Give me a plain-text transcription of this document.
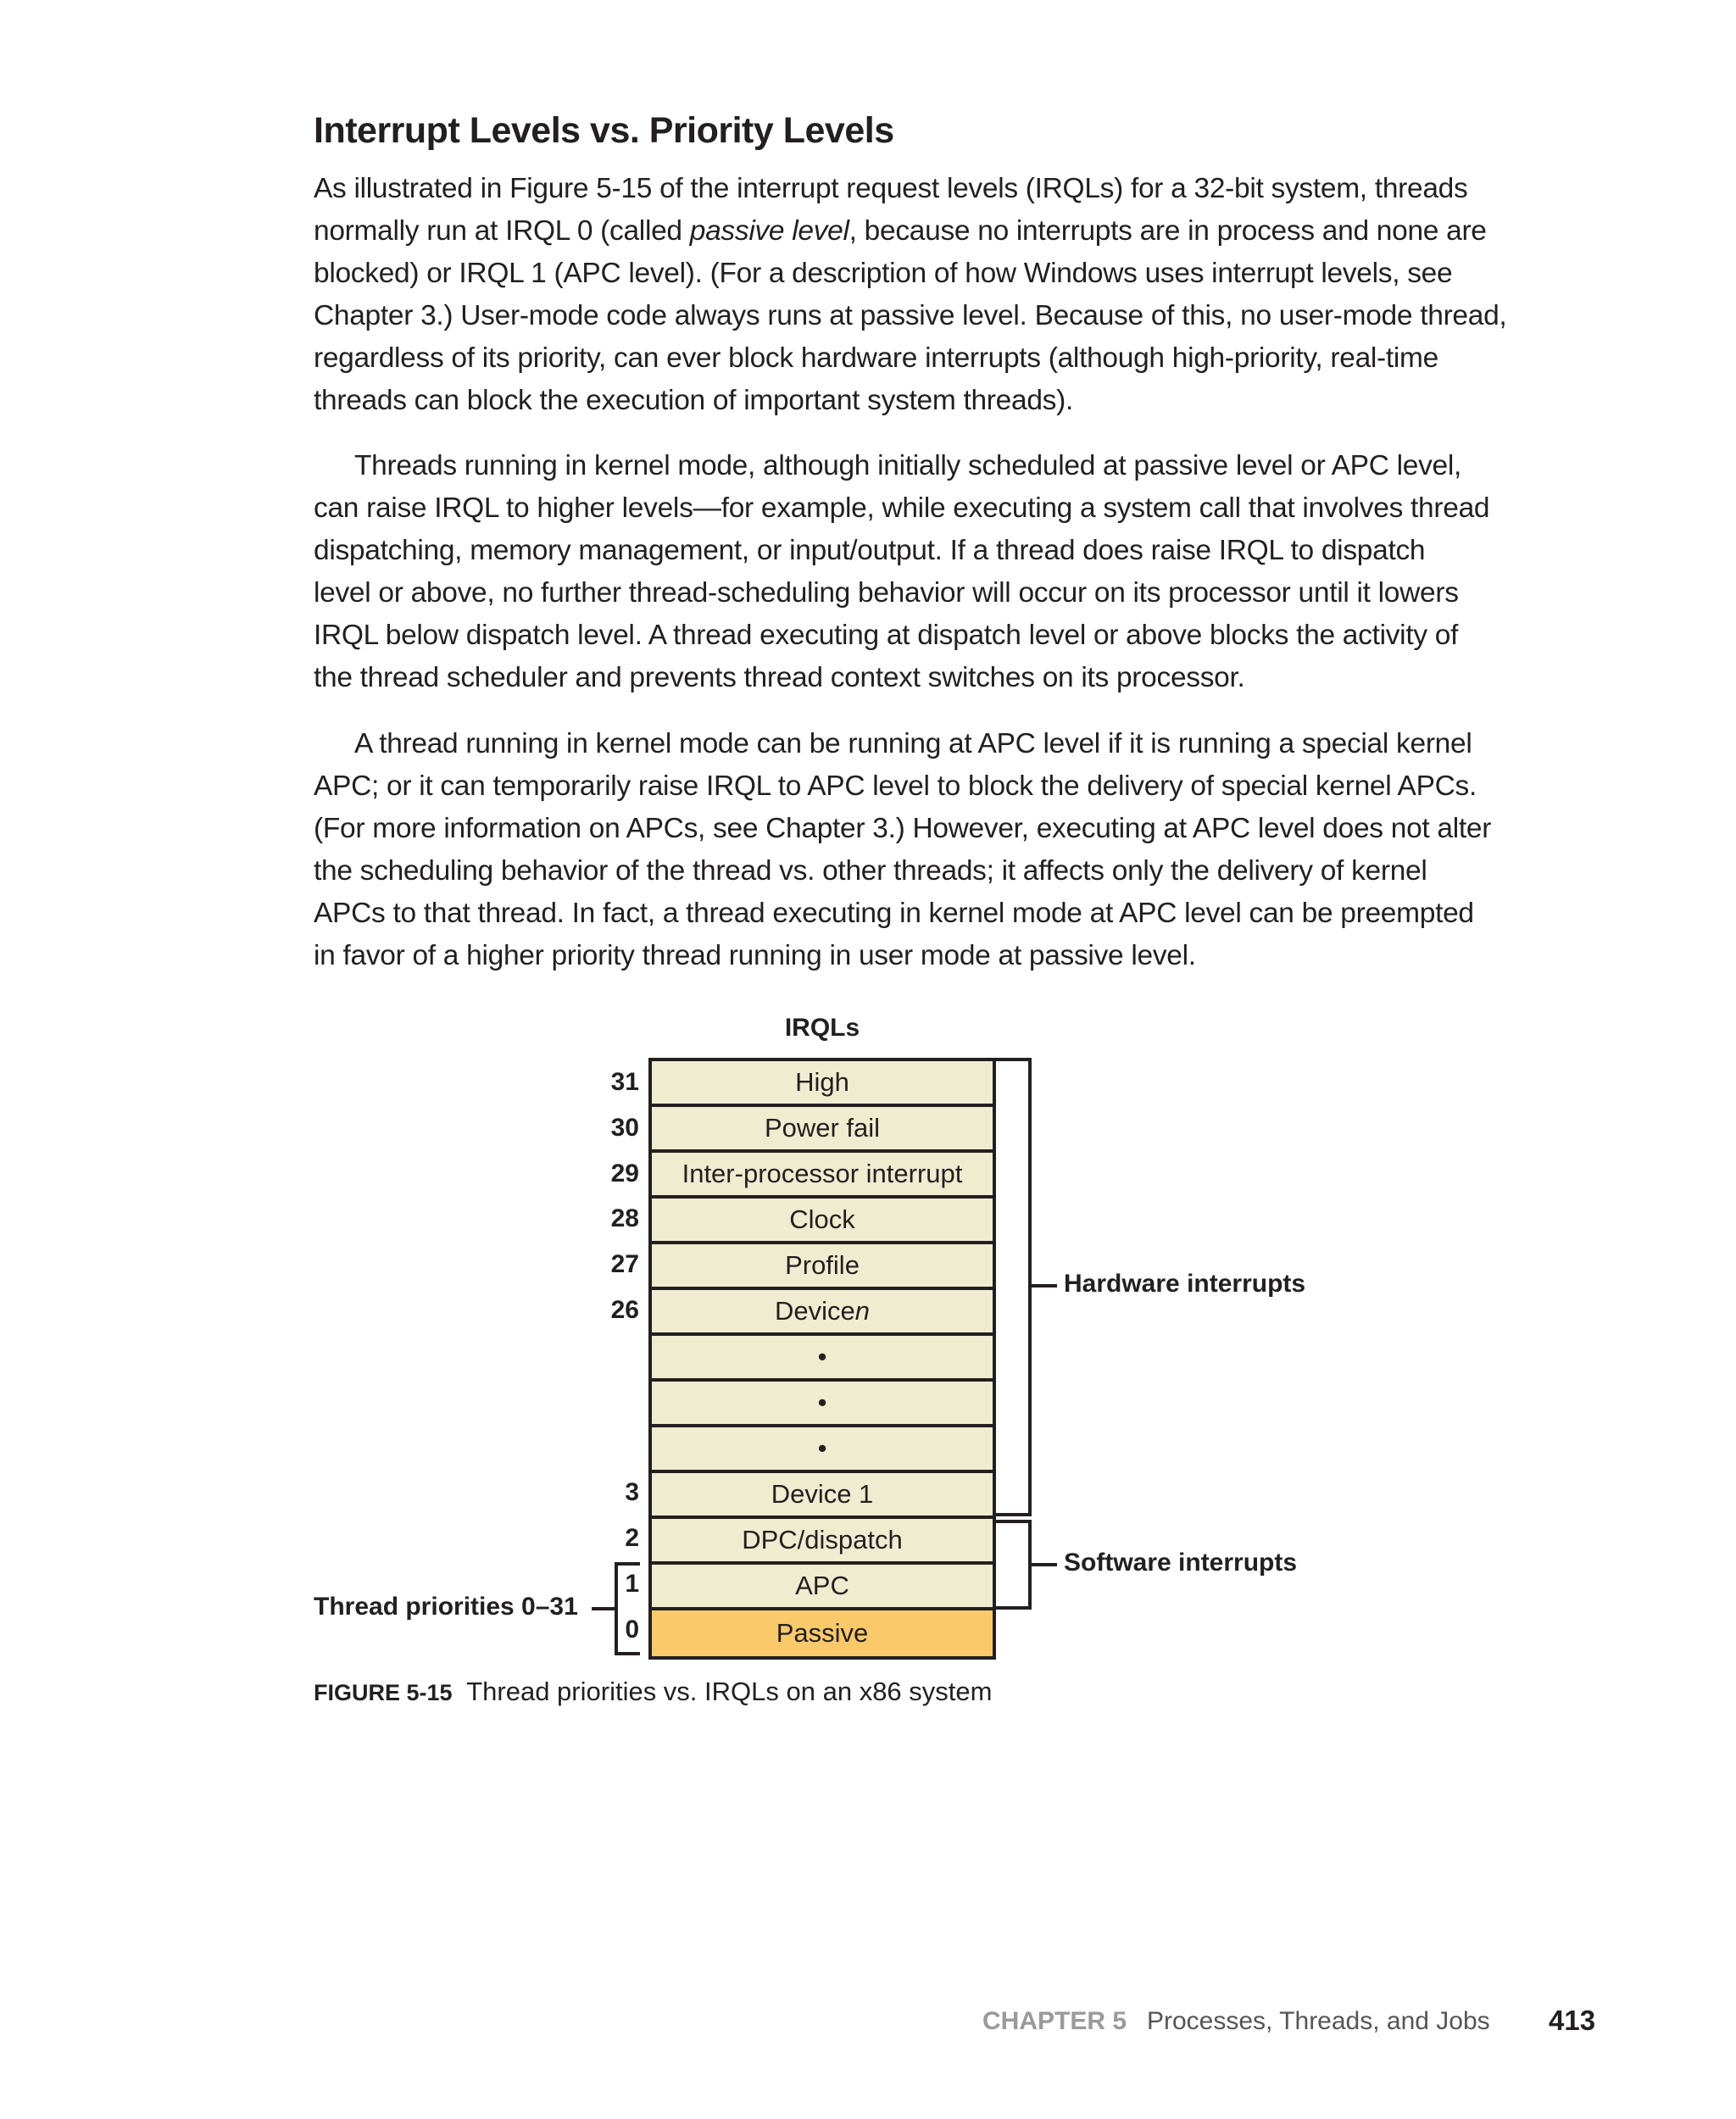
Interrupt Levels vs. Priority Levels
As illustrated in Figure 5-15 of the interrupt request levels (IRQLs) for a 32-bit system, threads
normally run at IRQL 0 (called passive level, because no interrupts are in process and none are
blocked) or IRQL 1 (APC level). (For a description of how Windows uses interrupt levels, see
Chapter 3.) User-mode code always runs at passive level. Because of this, no user-mode thread,
regardless of its priority, can ever block hardware interrupts (although high-priority, real-time
threads can block the execution of important system threads).
Threads running in kernel mode, although initially scheduled at passive level or APC level,
can raise IRQL to higher levels—for example, while executing a system call that involves thread
dispatching, memory management, or input/output. If a thread does raise IRQL to dispatch
level or above, no further thread-scheduling behavior will occur on its processor until it lowers
IRQL below dispatch level. A thread executing at dispatch level or above blocks the activity of
the thread scheduler and prevents thread context switches on its processor.
A thread running in kernel mode can be running at APC level if it is running a special kernel
APC; or it can temporarily raise IRQL to APC level to block the delivery of special kernel APCs.
(For more information on APCs, see Chapter 3.) However, executing at APC level does not alter
the scheduling behavior of the thread vs. other threads; it affects only the delivery of kernel
APCs to that thread. In fact, a thread executing in kernel mode at APC level can be preempted
in favor of a higher priority thread running in user mode at passive level.
IRQLs
High
Power fail
Inter-processor interrupt
Clock
Profile
Device n
•
•
•
Device 1
DPC/dispatch
APC
Passive
31
30
29
28
27
26
3
2
1
0
Hardware interrupts
Software interrupts
Thread priorities 0–31
FIGURE 5-15 Thread priorities vs. IRQLs on an x86 system
CHAPTER 5 Processes, Threads, and Jobs 413
